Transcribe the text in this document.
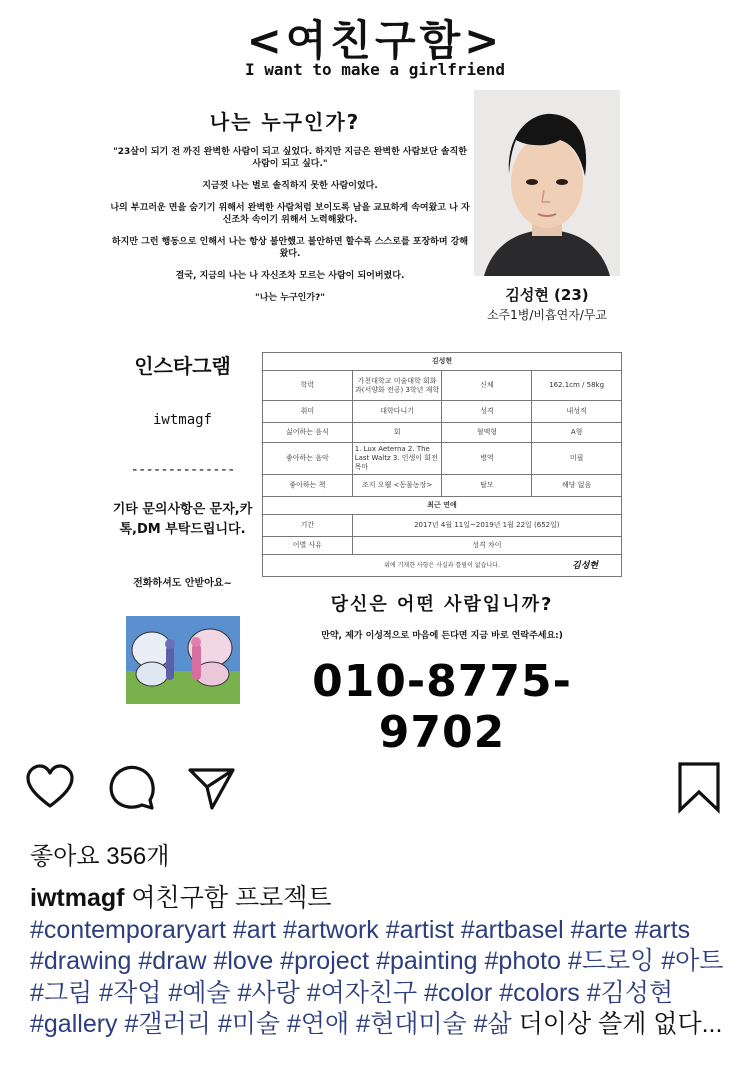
<여친구함>
I want to make a girlfriend
나는 누구인가?

"23살이 되기 전 까진 완벽한 사람이 되고 싶었다. 하지만 지금은 완벽한 사람보단 솔직한 사람이 되고 싶다."

지금껏 나는 별로 솔직하지 못한 사람이었다.

나의 부끄러운 면을 숨기기 위해서 완벽한 사람처럼 보이도록 남을 교묘하게 속여왔고 나 자신조차 속이기 위해서 노력해왔다.

하지만 그런 행동으로 인해서 나는 항상 불안했고 불안하면 할수록 스스로를 포장하며 강해왔다.

결국, 지금의 나는 나 자신조차 모르는 사람이 되어버렸다.

"나는 누구인가?"	김성현 (23)
소주1병/비흡연자/무교
인스타그램
iwtmagf
--------------
기타 문의사항은 문자,카톡,DM 부탁드립니다.
전화하셔도 안받아요~
김성현			
학력	가천대학교 미술대학 회화과(서양화 전공) 3학년 재학	신체	162.1cm / 58kg
취미	대학다니기	성격	내성적
싫어하는 음식	회	혈액형	A형
좋아하는 음악	1. Lux Aeterna 2. The Last Waltz 3. 인생이 회전목마	병역	미필
좋아하는 책	조지 오웰 <동물농장>	탈모	해당 없음
최근 연애			
기간	2017년 4월 11일~2019년 1월 22일 (652일)		
이별 사유	성격 차이		
위에 기재한 사항은 사실과 틀림이 없습니다.				김성현
당신은 어떤 사람입니까?
만약, 제가 이성적으로 마음에 든다면 지금 바로 연락주세요:)
010-8775-9702
좋아요 356개
iwtmagf 여친구함 프로젝트
#contemporaryart #art #artwork #artist #artbasel #arte #arts #drawing #draw #love #project #painting #photo #드로잉 #아트 #그림 #작업 #예술 #사랑 #여자친구 #color #colors #김성현 #gallery #갤러리 #미술 #연애 #현대미술 #삶 더이상 쓸게 없다...
